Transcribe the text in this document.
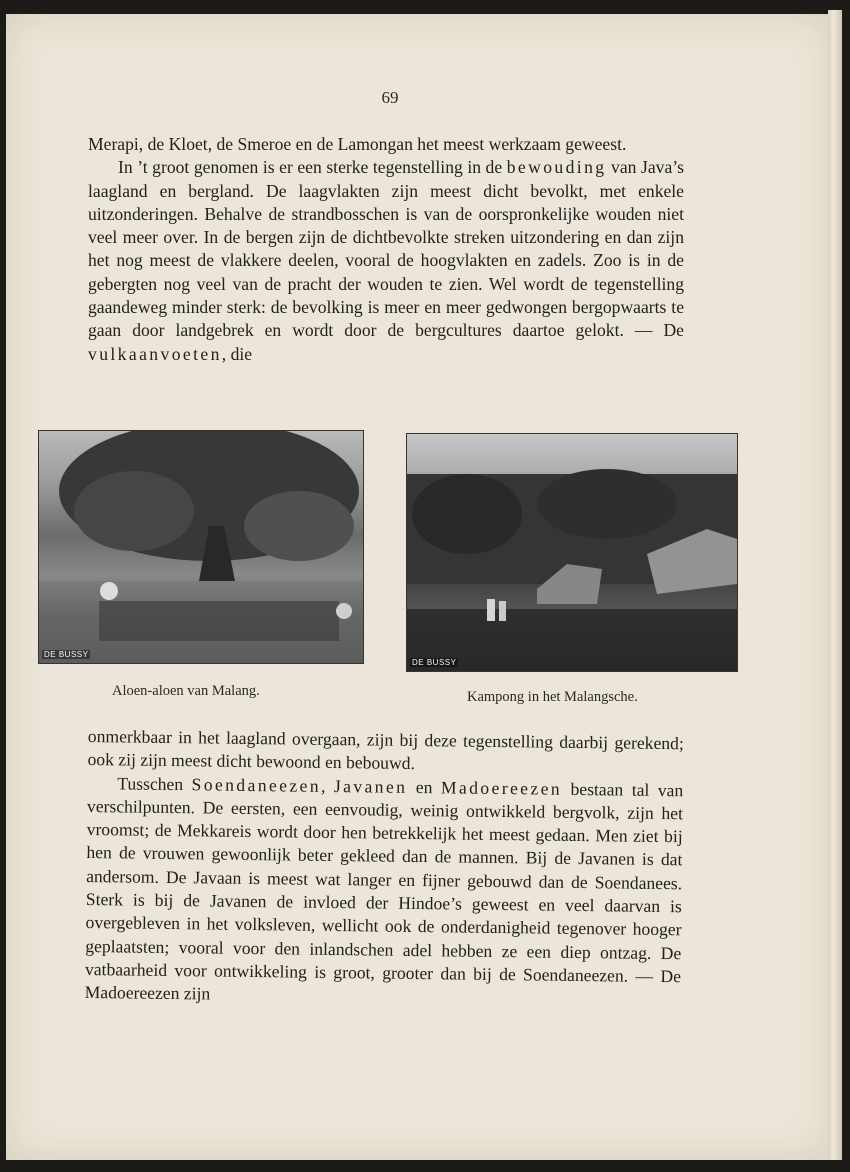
69

Merapi, de Kloet, de Smeroe en de Lamongan het meest werkzaam geweest.

In ’t groot genomen is er een sterke tegenstelling in de bewouding van Java’s laagland en bergland. De laagvlakten zijn meest dicht bevolkt, met enkele uitzonderingen. Behalve de strandbosschen is van de oorspronkelijke wouden niet veel meer over. In de bergen zijn de dichtbevolkte streken uitzondering en dan zijn het nog meest de vlakkere deelen, vooral de hoogvlakten en zadels. Zoo is in de gebergten nog veel van de pracht der wouden te zien. Wel wordt de tegenstelling gaandeweg minder sterk: de bevolking is meer en meer gedwongen bergopwaarts te gaan door landgebrek en wordt door de bergcultures daartoe gelokt. — De vulkaanvoeten, die

DE BUSSY
DE BUSSY
Aloen-aloen van Malang.	Kampong in het Malangsche.

onmerkbaar in het laagland overgaan, zijn bij deze tegenstelling daarbij gerekend; ook zij zijn meest dicht bewoond en bebouwd.

Tusschen Soendaneezen, Javanen en Madoereezen bestaan tal van verschilpunten. De eersten, een eenvoudig, weinig ontwikkeld bergvolk, zijn het vroomst; de Mekkareis wordt door hen betrekkelijk het meest gedaan. Men ziet bij hen de vrouwen gewoonlijk beter gekleed dan de mannen. Bij de Javanen is dat andersom. De Javaan is meest wat langer en fijner gebouwd dan de Soendanees. Sterk is bij de Javanen de invloed der Hindoe’s geweest en veel daarvan is overgebleven in het volksleven, wellicht ook de onderdanigheid tegenover hooger geplaatsten; vooral voor den inlandschen adel hebben ze een diep ontzag. De vatbaarheid voor ontwikkeling is groot, grooter dan bij de Soendaneezen. — De Madoereezen zijn
